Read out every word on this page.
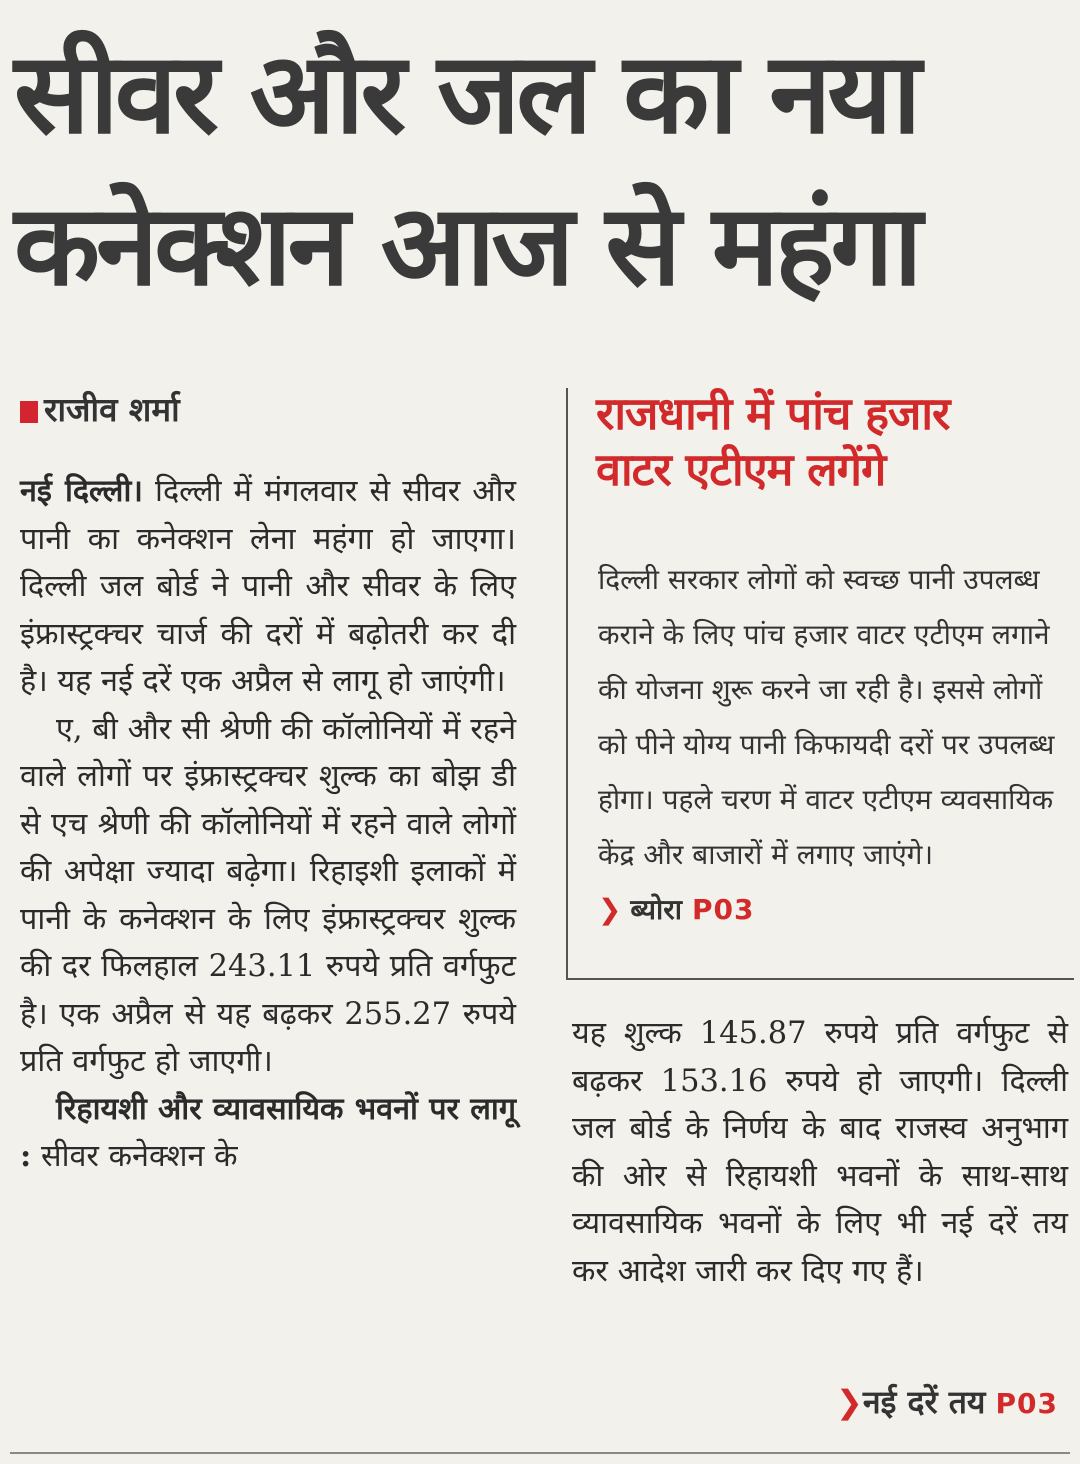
सीवर और जल का नया
कनेक्शन आज से महंगा
राजीव शर्मा

नई दिल्ली। दिल्ली में मंगलवार से सीवर और पानी का कनेक्शन लेना महंगा हो जाएगा। दिल्ली जल बोर्ड ने पानी और सीवर के लिए इंफ्रास्ट्रक्चर चार्ज की दरों में बढ़ोतरी कर दी है। यह नई दरें एक अप्रैल से लागू हो जाएंगी।

ए, बी और सी श्रेणी की कॉलोनियों में रहने वाले लोगों पर इंफ्रास्ट्रक्चर शुल्क का बोझ डी से एच श्रेणी की कॉलोनियों में रहने वाले लोगों की अपेक्षा ज्यादा बढ़ेगा। रिहाइशी इलाकों में पानी के कनेक्शन के लिए इंफ्रास्ट्रक्चर शुल्क की दर फिलहाल 243.11 रुपये प्रति वर्गफुट है। एक अप्रैल से यह बढ़कर 255.27 रुपये प्रति वर्गफुट हो जाएगी।

रिहायशी और व्यावसायिक भवनों पर लागू : सीवर कनेक्शन के

राजधानी में पांच हजार
वाटर एटीएम लगेंगे
दिल्ली सरकार लोगों को स्वच्छ पानी उपलब्ध कराने के लिए पांच हजार वाटर एटीएम लगाने की योजना शुरू करने जा रही है। इससे लोगों को पीने योग्य पानी किफायदी दरों पर उपलब्ध होगा। पहले चरण में वाटर एटीएम व्यवसायिक केंद्र और बाजारों में लगाए जाएंगे। ❯ ब्योरा P03

यह शुल्क 145.87 रुपये प्रति वर्गफुट से बढ़कर 153.16 रुपये हो जाएगी। दिल्ली जल बोर्ड के निर्णय के बाद राजस्व अनुभाग की ओर से रिहायशी भवनों के साथ-साथ व्यावसायिक भवनों के लिए भी नई दरें तय कर आदेश जारी कर दिए गए हैं।

❯नई दरें तय P03
